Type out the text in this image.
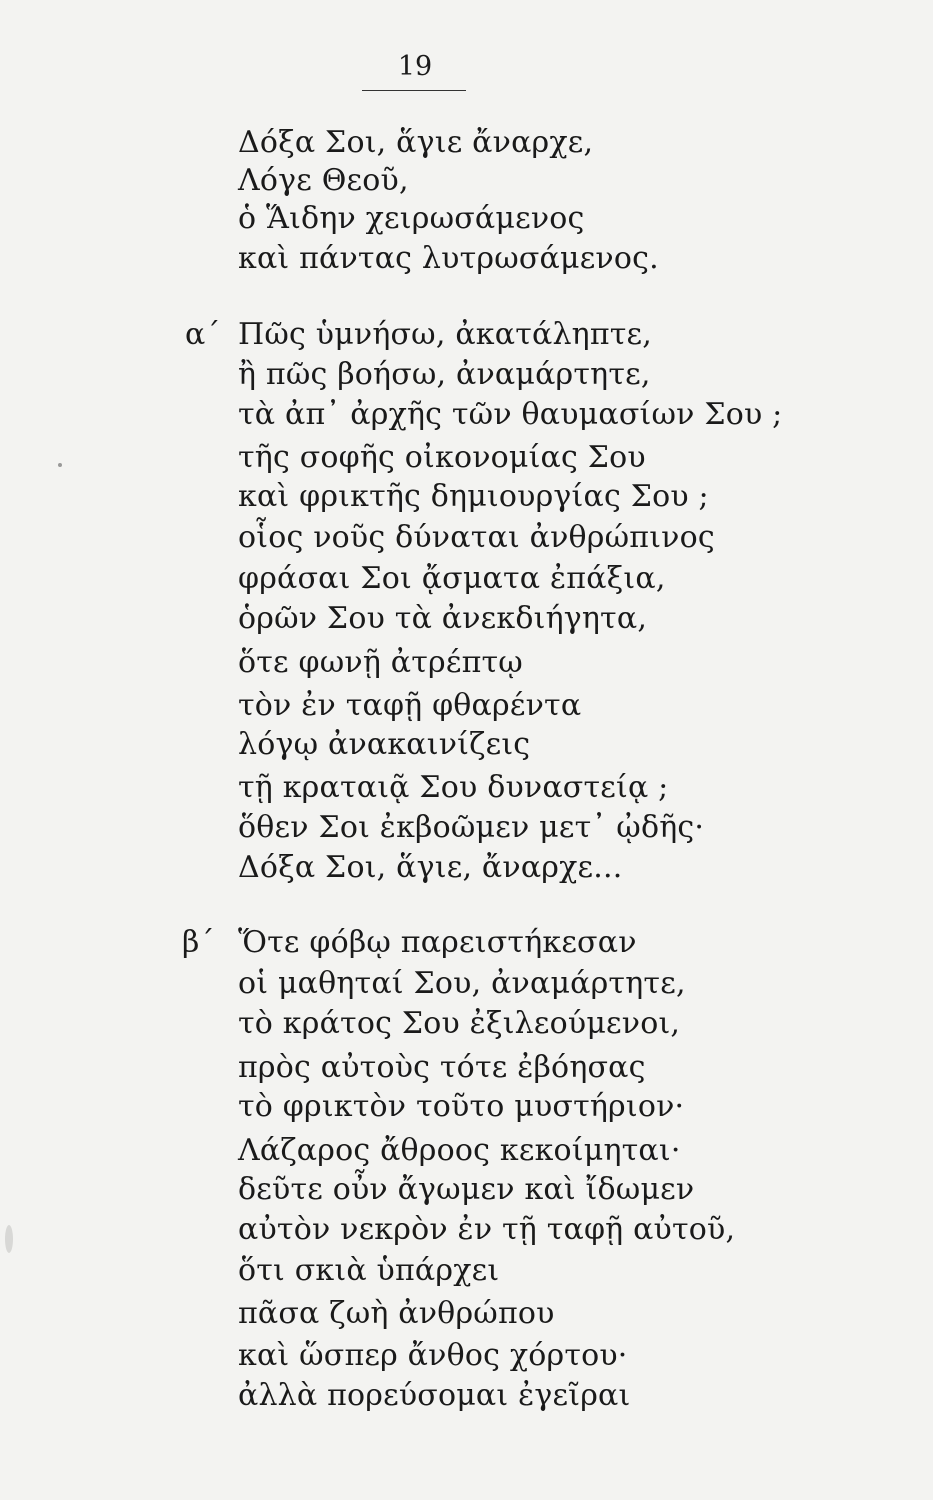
19
Δόξα Σοι, ἅγιε ἄναρχε,
Λόγε Θεοῦ,
ὁ Ἅιδην χειρωσάμενος
καὶ πάντας λυτρωσάμενος.
α΄ Πῶς ὑμνήσω, ἀκατάληπτε,
ἢ πῶς βοήσω, ἀναμάρτητε,
τὰ ἀπ᾽ ἀρχῆς τῶν θαυμασίων Σου ;
τῆς σοφῆς οἰκονομίας Σου
καὶ φρικτῆς δημιουργίας Σου ;
οἷος νοῦς δύναται ἀνθρώπινος
φράσαι Σοι ᾄσματα ἐπάξια,
ὁρῶν Σου τὰ ἀνεκδιήγητα,
ὅτε φωνῇ ἀτρέπτῳ
τὸν ἐν ταφῇ φθαρέντα
λόγῳ ἀνακαινίζεις
τῇ κραταιᾷ Σου δυναστείᾳ ;
ὅθεν Σοι ἐκβοῶμεν μετ᾽ ᾠδῆς·
Δόξα Σοι, ἅγιε, ἄναρχε...
β΄ Ὅτε φόβῳ παρειστήκεσαν
οἱ μαθηταί Σου, ἀναμάρτητε,
τὸ κράτος Σου ἐξιλεούμενοι,
πρὸς αὐτοὺς τότε ἐβόησας
τὸ φρικτὸν τοῦτο μυστήριον·
Λάζαρος ἄθροος κεκοίμηται·
δεῦτε οὖν ἄγωμεν καὶ ἴδωμεν
αὐτὸν νεκρὸν ἐν τῇ ταφῇ αὐτοῦ,
ὅτι σκιὰ ὑπάρχει
πᾶσα ζωὴ ἀνθρώπου
καὶ ὥσπερ ἄνθος χόρτου·
ἀλλὰ πορεύσομαι ἐγεῖραι
